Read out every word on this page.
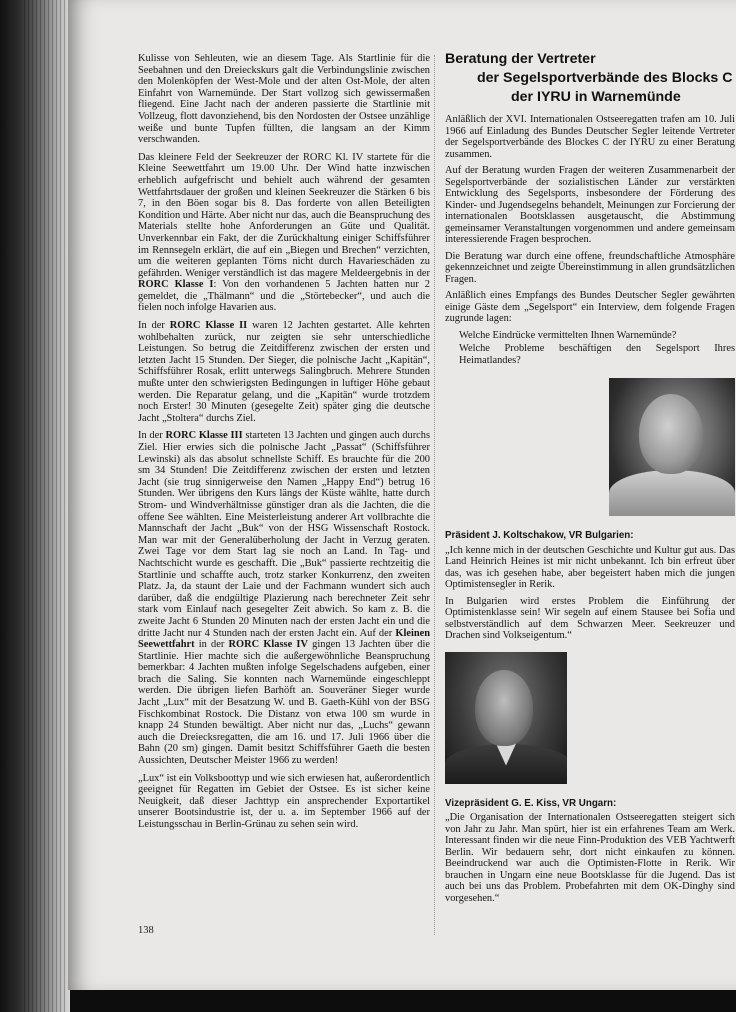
Kulisse von Sehleuten, wie an diesem Tage. Als Startlinie für die Seebahnen und den Dreieckskurs galt die Verbindungslinie zwischen den Molenköpfen der West-Mole und der alten Ost-Mole, der alten Einfahrt von Warnemünde. Der Start vollzog sich gewissermaßen fliegend. Eine Jacht nach der anderen passierte die Startlinie mit Vollzeug, flott davonziehend, bis den Nordosten der Ostsee unzählige weiße und bunte Tupfen füllten, die langsam an der Kimm verschwanden.

Das kleinere Feld der Seekreuzer der RORC Kl. IV startete für die Kleine Seewettfahrt um 19.00 Uhr. Der Wind hatte inzwischen erheblich aufgefrischt und behielt auch während der gesamten Wettfahrtsdauer der großen und kleinen Seekreuzer die Stärken 6 bis 7, in den Böen sogar bis 8. Das forderte von allen Beteiligten Kondition und Härte. Aber nicht nur das, auch die Beanspruchung des Materials stellte hohe Anforderungen an Güte und Qualität. Unverkennbar ein Fakt, der die Zurückhaltung einiger Schiffsführer im Rennsegeln erklärt, die auf ein „Biegen und Brechen“ verzichten, um die weiteren geplanten Törns nicht durch Havarieschäden zu gefährden. Weniger verständlich ist das magere Meldeergebnis in der RORC Klasse I: Von den vorhandenen 5 Jachten hatten nur 2 gemeldet, die „Thälmann“ und die „Störtebecker“, und auch die fielen noch infolge Havarien aus.

In der RORC Klasse II waren 12 Jachten gestartet. Alle kehrten wohlbehalten zurück, nur zeigten sie sehr unterschiedliche Leistungen. So betrug die Zeitdifferenz zwischen der ersten und letzten Jacht 15 Stunden. Der Sieger, die polnische Jacht „Kapitän“, Schiffsführer Rosak, erlitt unterwegs Salingbruch. Mehrere Stunden mußte unter den schwierigsten Bedingungen in luftiger Höhe gebaut werden. Die Reparatur gelang, und die „Kapitän“ wurde trotzdem noch Erster! 30 Minuten (gesegelte Zeit) später ging die deutsche Jacht „Stoltera“ durchs Ziel.

In der RORC Klasse III starteten 13 Jachten und gingen auch durchs Ziel. Hier erwies sich die polnische Jacht „Passat“ (Schiffsführer Lewinski) als das absolut schnellste Schiff. Es brauchte für die 200 sm 34 Stunden! Die Zeitdifferenz zwischen der ersten und letzten Jacht (sie trug sinnigerweise den Namen „Happy End“) betrug 16 Stunden. Wer übrigens den Kurs längs der Küste wählte, hatte durch Strom- und Windverhältnisse günstiger dran als die Jachten, die die offene See wählten. Eine Meisterleistung anderer Art vollbrachte die Mannschaft der Jacht „Buk“ von der HSG Wissenschaft Rostock. Man war mit der Generalüberholung der Jacht in Verzug geraten. Zwei Tage vor dem Start lag sie noch an Land. In Tag- und Nachtschicht wurde es geschafft. Die „Buk“ passierte rechtzeitig die Startlinie und schaffte auch, trotz starker Konkurrenz, den zweiten Platz. Ja, da staunt der Laie und der Fachmann wundert sich auch darüber, daß die endgültige Plazierung nach berechneter Zeit sehr stark vom Einlauf nach gesegelter Zeit abwich. So kam z. B. die zweite Jacht 6 Stunden 20 Minuten nach der ersten Jacht ein und die dritte Jacht nur 4 Stunden nach der ersten Jacht ein. Auf der Kleinen Seewettfahrt in der RORC Klasse IV gingen 13 Jachten über die Startlinie. Hier machte sich die außergewöhnliche Beanspruchung bemerkbar: 4 Jachten mußten infolge Segelschadens aufgeben, einer brach die Saling. Sie konnten nach Warnemünde eingeschleppt werden. Die übrigen liefen Barhöft an. Souveräner Sieger wurde Jacht „Lux“ mit der Besatzung W. und B. Gaeth-Kühl von der BSG Fischkombinat Rostock. Die Distanz von etwa 100 sm wurde in knapp 24 Stunden bewältigt. Aber nicht nur das, „Luchs“ gewann auch die Dreiecksregatten, die am 16. und 17. Juli 1966 über die Bahn (20 sm) gingen. Damit besitzt Schiffsführer Gaeth die besten Aussichten, Deutscher Meister 1966 zu werden!

„Lux“ ist ein Volksboottyp und wie sich erwiesen hat, außerordentlich geeignet für Regatten im Gebiet der Ostsee. Es ist sicher keine Neuigkeit, daß dieser Jachttyp ein ansprechender Exportartikel unserer Bootsindustrie ist, der u. a. im September 1966 auf der Leistungsschau in Berlin-Grünau zu sehen sein wird.

138
Beratung der Vertreter
der Segelsportverbände des Blocks C
der IYRU in Warnemünde

Anläßlich der XVI. Internationalen Ostseeregatten trafen am 10. Juli 1966 auf Einladung des Bundes Deutscher Segler leitende Vertreter der Segelsportverbände des Blockes C der IYRU zu einer Beratung zusammen.

Auf der Beratung wurden Fragen der weiteren Zusammenarbeit der Segelsportverbände der sozialistischen Länder zur verstärkten Entwicklung des Segelsports, insbesondere der Förderung des Kinder- und Jugendsegelns behandelt, Meinungen zur Forcierung der internationalen Bootsklassen ausgetauscht, die Abstimmung gemeinsamer Veranstaltungen vorgenommen und andere gemeinsam interessierende Fragen besprochen.

Die Beratung war durch eine offene, freundschaftliche Atmosphäre gekennzeichnet und zeigte Übereinstimmung in allen grundsätzlichen Fragen.

Anläßlich eines Empfangs des Bundes Deutscher Segler gewährten einige Gäste dem „Segelsport“ ein Interview, dem folgende Fragen zugrunde lagen:

Welche Eindrücke vermittelten Ihnen Warnemünde?

Welche Probleme beschäftigen den Segelsport Ihres Heimatlandes?

Präsident J. Koltschakow, VR Bulgarien:

„Ich kenne mich in der deutschen Geschichte und Kultur gut aus. Das Land Heinrich Heines ist mir nicht unbekannt. Ich bin erfreut über das, was ich gesehen habe, aber begeistert haben mich die jungen Optimistensegler in Rerik.

In Bulgarien wird erstes Problem die Einführung der Optimistenklasse sein! Wir segeln auf einem Stausee bei Sofia und selbstverständlich auf dem Schwarzen Meer. Seekreuzer und Drachen sind Volkseigentum.“

Vizepräsident G. E. Kiss, VR Ungarn:

„Die Organisation der Internationalen Ostseeregatten steigert sich von Jahr zu Jahr. Man spürt, hier ist ein erfahrenes Team am Werk. Interessant finden wir die neue Finn-Produktion des VEB Yachtwerft Berlin. Wir bedauern sehr, dort nicht einkaufen zu können. Beeindruckend war auch die Optimisten-Flotte in Rerik. Wir brauchen in Ungarn eine neue Bootsklasse für die Jugend. Das ist auch bei uns das Problem. Probefahrten mit dem OK-Dinghy sind vorgesehen.“
